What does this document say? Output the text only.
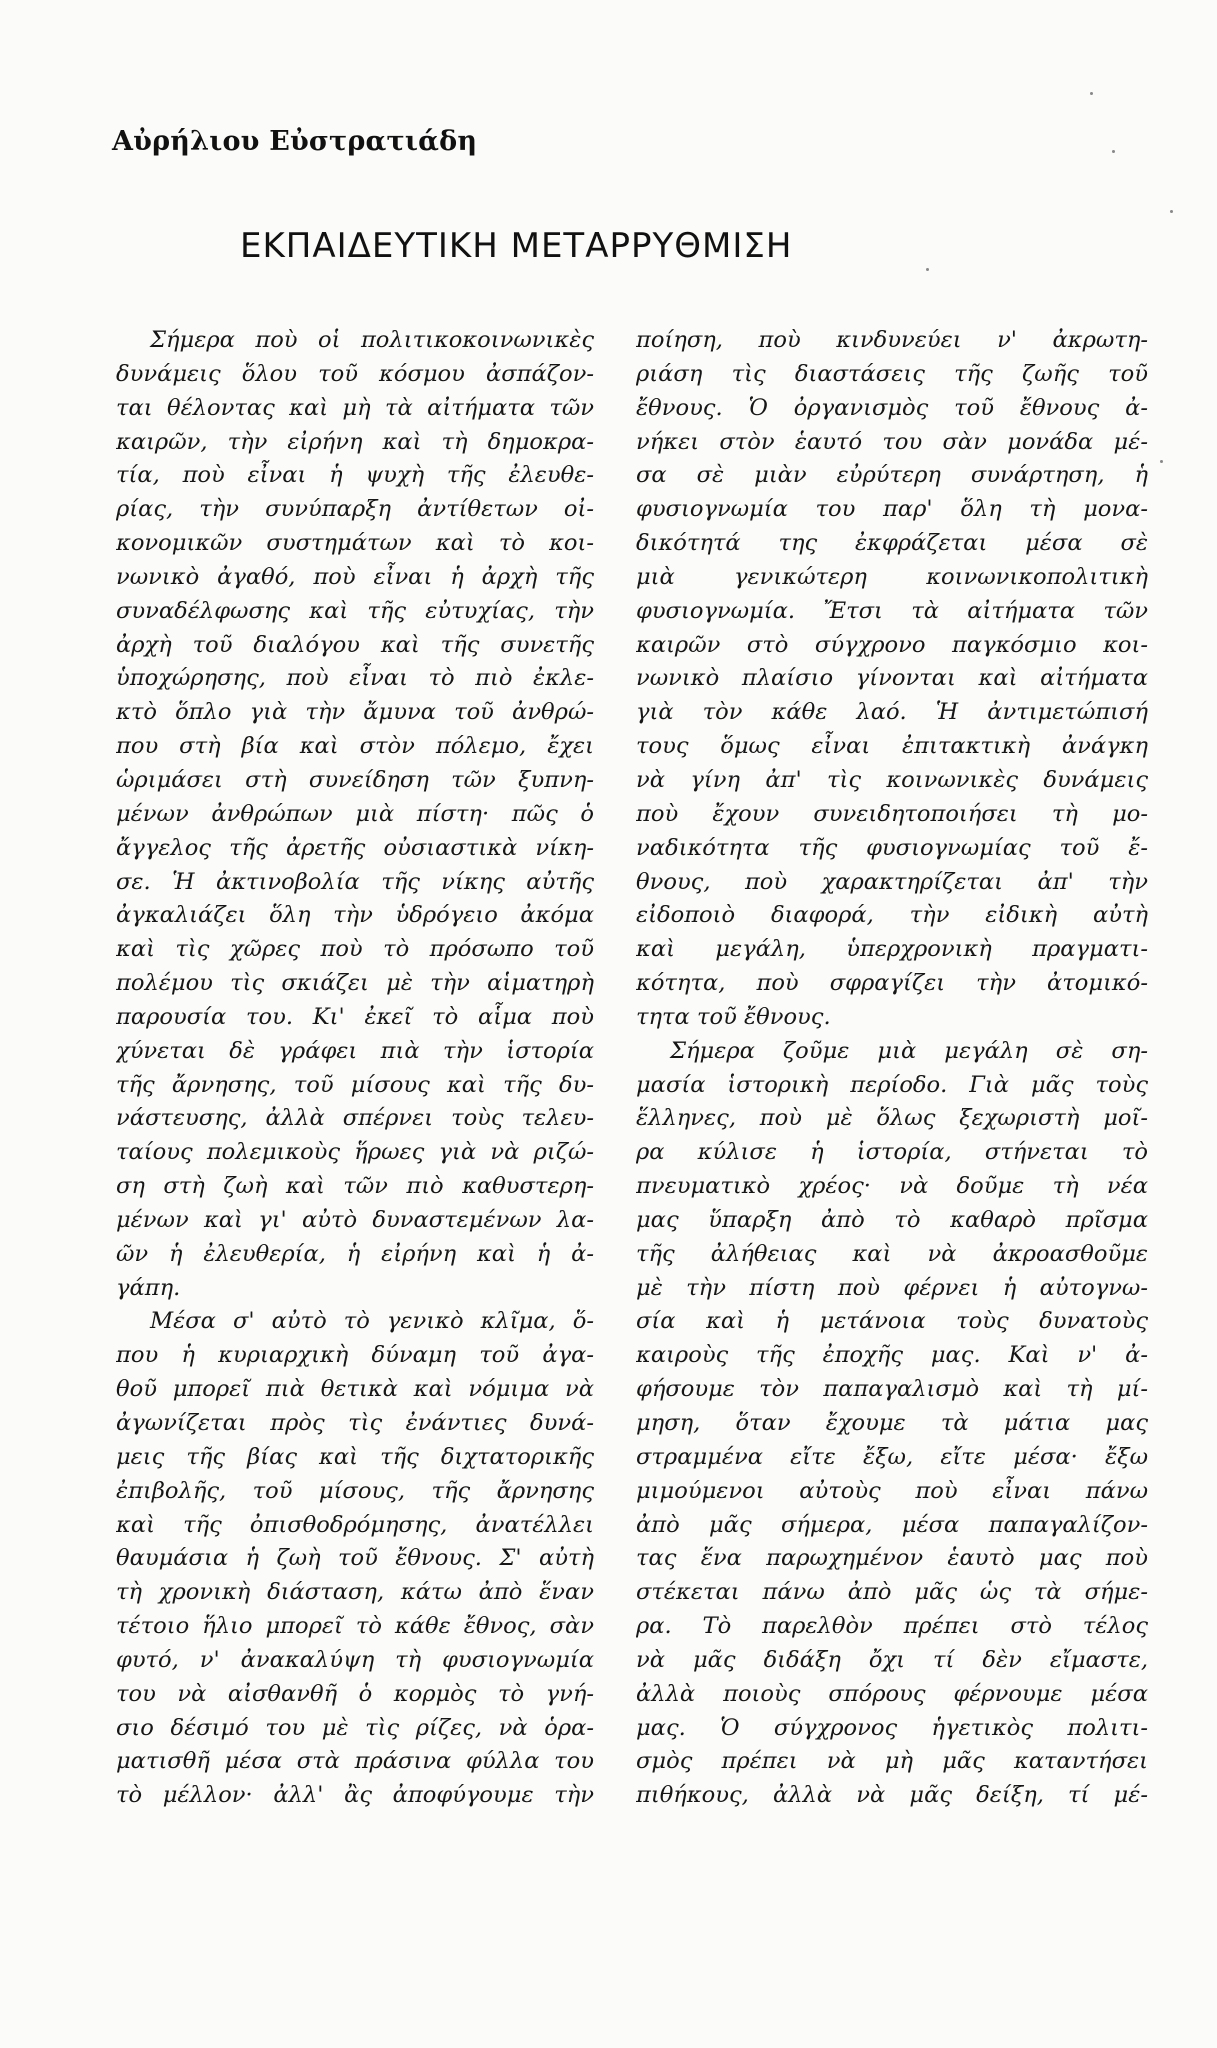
Αὐρήλιου Εὐστρατιάδη
ΕΚΠΑΙΔΕΥΤΙΚΗ ΜΕΤΑΡΡΥΘΜΙΣΗ
Σήμερα ποὺ οἱ πολιτικοκοινωνικὲς
δυνάμεις ὅλου τοῦ κόσμου ἀσπάζον-
ται θέλοντας καὶ μὴ τὰ αἰτήματα τῶν
καιρῶν, τὴν εἰρήνη καὶ τὴ δημοκρα-
τία, ποὺ εἶναι ἡ ψυχὴ τῆς ἐλευθε-
ρίας, τὴν συνύπαρξη ἀντίθετων οἰ-
κονομικῶν συστημάτων καὶ τὸ κοι-
νωνικὸ ἀγαθό, ποὺ εἶναι ἡ ἀρχὴ τῆς
συναδέλφωσης καὶ τῆς εὐτυχίας, τὴν
ἀρχὴ τοῦ διαλόγου καὶ τῆς συνετῆς
ὑποχώρησης, ποὺ εἶναι τὸ πιὸ ἐκλε-
κτὸ ὅπλο γιὰ τὴν ἄμυνα τοῦ ἀνθρώ-
που στὴ βία καὶ στὸν πόλεμο, ἔχει
ὡριμάσει στὴ συνείδηση τῶν ξυπνη-
μένων ἀνθρώπων μιὰ πίστη· πῶς ὁ
ἄγγελος τῆς ἀρετῆς οὐσιαστικὰ νίκη-
σε. Ἡ ἀκτινοβολία τῆς νίκης αὐτῆς
ἀγκαλιάζει ὅλη τὴν ὑδρόγειο ἀκόμα
καὶ τὶς χῶρες ποὺ τὸ πρόσωπο τοῦ
πολέμου τὶς σκιάζει μὲ τὴν αἱματηρὴ
παρουσία του. Κι' ἐκεῖ τὸ αἷμα ποὺ
χύνεται δὲ γράφει πιὰ τὴν ἱστορία
τῆς ἄρνησης, τοῦ μίσους καὶ τῆς δυ-
νάστευσης, ἀλλὰ σπέρνει τοὺς τελευ-
ταίους πολεμικοὺς ἥρωες γιὰ νὰ ριζώ-
ση στὴ ζωὴ καὶ τῶν πιὸ καθυστερη-
μένων καὶ γι' αὐτὸ δυναστεμένων λα-
ῶν ἡ ἐλευθερία, ἡ εἰρήνη καὶ ἡ ἀ-
γάπη.
Μέσα σ' αὐτὸ τὸ γενικὸ κλῖμα, ὅ-
που ἡ κυριαρχικὴ δύναμη τοῦ ἀγα-
θοῦ μπορεῖ πιὰ θετικὰ καὶ νόμιμα νὰ
ἀγωνίζεται πρὸς τὶς ἐνάντιες δυνά-
μεις τῆς βίας καὶ τῆς διχτατορικῆς
ἐπιβολῆς, τοῦ μίσους, τῆς ἄρνησης
καὶ τῆς ὀπισθοδρόμησης, ἀνατέλλει
θαυμάσια ἡ ζωὴ τοῦ ἔθνους. Σ' αὐτὴ
τὴ χρονικὴ διάσταση, κάτω ἀπὸ ἕναν
τέτοιο ἥλιο μπορεῖ τὸ κάθε ἔθνος, σὰν
φυτό, ν' ἀνακαλύψη τὴ φυσιογνωμία
του νὰ αἰσθανθῆ ὁ κορμὸς τὸ γνή-
σιο δέσιμό του μὲ τὶς ρίζες, νὰ ὁρα-
ματισθῆ μέσα στὰ πράσινα φύλλα του
τὸ μέλλον· ἀλλ' ἂς ἀποφύγουμε τὴν
ποίηση, ποὺ κινδυνεύει ν' ἀκρωτη-
ριάση τὶς διαστάσεις τῆς ζωῆς τοῦ
ἔθνους. Ὁ ὀργανισμὸς τοῦ ἔθνους ἀ-
νήκει στὸν ἑαυτό του σὰν μονάδα μέ-
σα σὲ μιὰν εὐρύτερη συνάρτηση, ἡ
φυσιογνωμία του παρ' ὅλη τὴ μονα-
δικότητά της ἐκφράζεται μέσα σὲ
μιὰ γενικώτερη κοινωνικοπολιτικὴ
φυσιογνωμία. Ἔτσι τὰ αἰτήματα τῶν
καιρῶν στὸ σύγχρονο παγκόσμιο κοι-
νωνικὸ πλαίσιο γίνονται καὶ αἰτήματα
γιὰ τὸν κάθε λαό. Ἡ ἀντιμετώπισή
τους ὅμως εἶναι ἐπιτακτικὴ ἀνάγκη
νὰ γίνη ἀπ' τὶς κοινωνικὲς δυνάμεις
ποὺ ἔχουν συνειδητοποιήσει τὴ μο-
ναδικότητα τῆς φυσιογνωμίας τοῦ ἔ-
θνους, ποὺ χαρακτηρίζεται ἀπ' τὴν
εἰδοποιὸ διαφορά, τὴν εἰδικὴ αὐτὴ
καὶ μεγάλη, ὑπερχρονικὴ πραγματι-
κότητα, ποὺ σφραγίζει τὴν ἀτομικό-
τητα τοῦ ἔθνους.
Σήμερα ζοῦμε μιὰ μεγάλη σὲ ση-
μασία ἱστορικὴ περίοδο. Γιὰ μᾶς τοὺς
ἕλληνες, ποὺ μὲ ὅλως ξεχωριστὴ μοῖ-
ρα κύλισε ἡ ἱστορία, στήνεται τὸ
πνευματικὸ χρέος· νὰ δοῦμε τὴ νέα
μας ὕπαρξη ἀπὸ τὸ καθαρὸ πρῖσμα
τῆς ἀλήθειας καὶ νὰ ἀκροασθοῦμε
μὲ τὴν πίστη ποὺ φέρνει ἡ αὐτογνω-
σία καὶ ἡ μετάνοια τοὺς δυνατοὺς
καιροὺς τῆς ἐποχῆς μας. Καὶ ν' ἀ-
φήσουμε τὸν παπαγαλισμὸ καὶ τὴ μί-
μηση, ὅταν ἔχουμε τὰ μάτια μας
στραμμένα εἴτε ἔξω, εἴτε μέσα· ἔξω
μιμούμενοι αὐτοὺς ποὺ εἶναι πάνω
ἀπὸ μᾶς σήμερα, μέσα παπαγαλίζον-
τας ἕνα παρωχημένον ἑαυτὸ μας ποὺ
στέκεται πάνω ἀπὸ μᾶς ὡς τὰ σήμε-
ρα. Τὸ παρελθὸν πρέπει στὸ τέλος
νὰ μᾶς διδάξη ὄχι τί δὲν εἴμαστε,
ἀλλὰ ποιοὺς σπόρους φέρνουμε μέσα
μας. Ὁ σύγχρονος ἡγετικὸς πολιτι-
σμὸς πρέπει νὰ μὴ μᾶς καταντήσει
πιθήκους, ἀλλὰ νὰ μᾶς δείξη, τί μέ-
